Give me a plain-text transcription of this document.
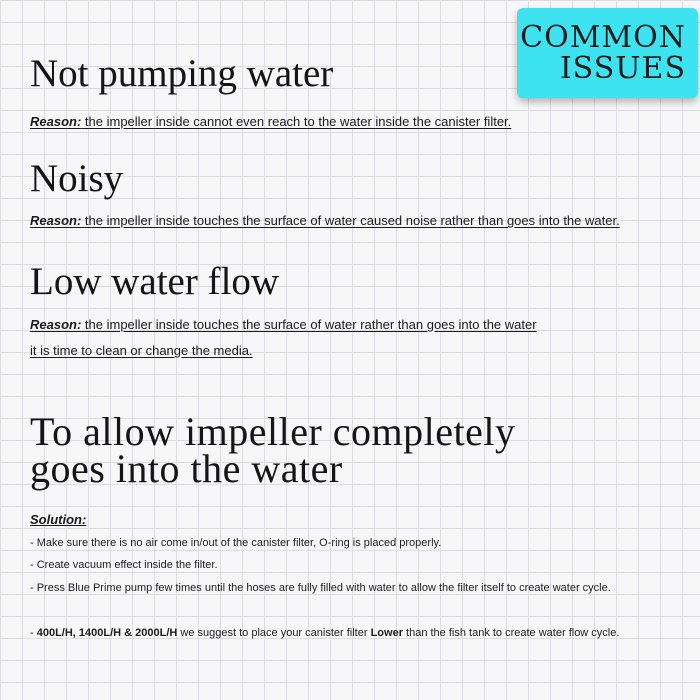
COMMON
ISSUES
Not pumping water
Reason: the impeller inside cannot even reach to the water inside the canister filter.
Noisy
Reason: the impeller inside touches the surface of water caused noise rather than goes into the water.
Low water flow
Reason: the impeller inside touches the surface of water rather than goes into the water
it is time to clean or change the media.
To allow impeller completely
goes into the water
Solution:
- Make sure there is no air come in/out of the canister filter, O-ring is placed properly.
- Create vacuum effect inside the filter.
- Press Blue Prime pump few times until the hoses are fully filled with water to allow the filter itself to create water cycle.
- 400L/H, 1400L/H & 2000L/H we suggest to place your canister filter Lower than the fish tank to create water flow cycle.
